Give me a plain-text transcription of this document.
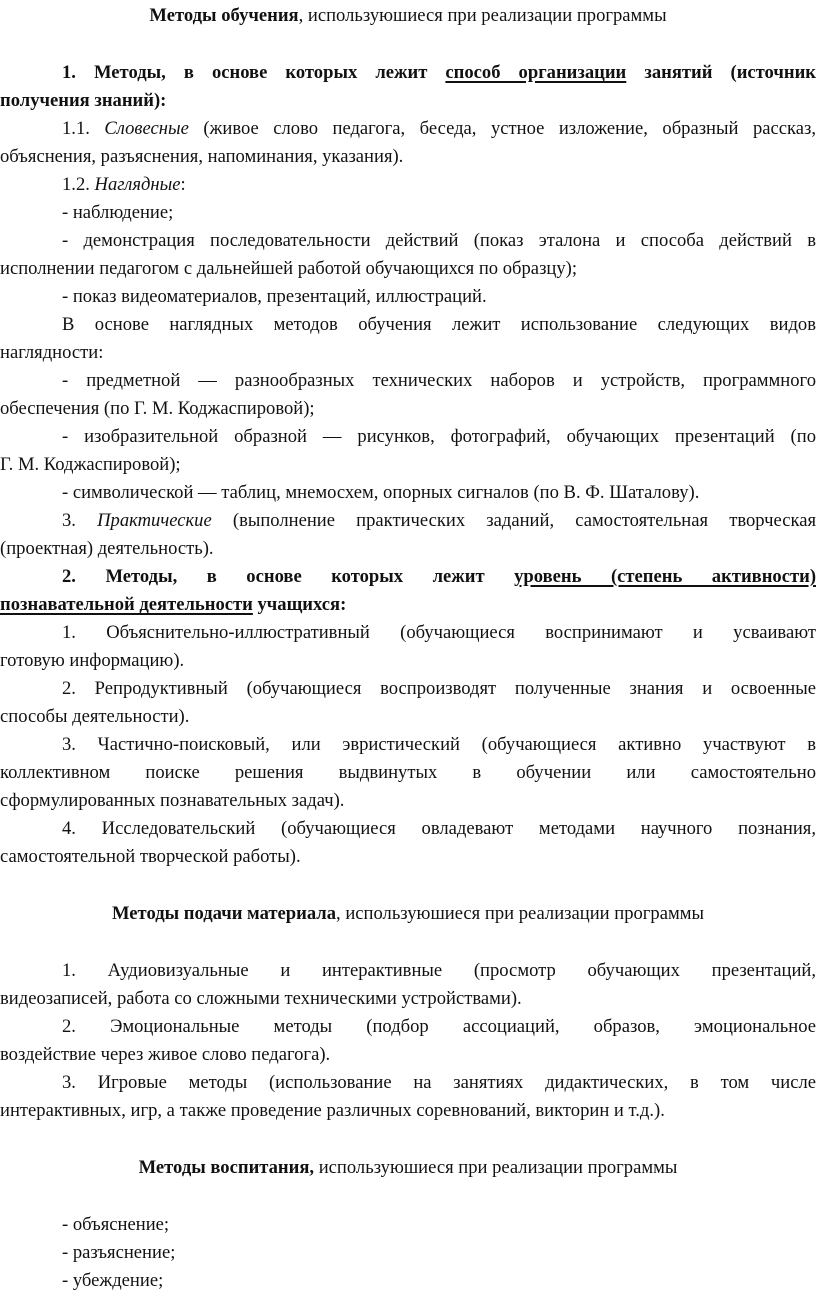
Методы обучения, используюшиеся при реализации программы
1. Методы, в основе которых лежит способ организации занятий (источник
получения знаний):
1.1. Словесные (живое слово педагога, беседа, устное изложение, образный рассказ,
объяснения, разъяснения, напоминания, указания).
1.2. Наглядные:
- наблюдение;
- демонстрация последовательности действий (показ эталона и способа действий в
исполнении педагогом с дальнейшей работой обучающихся по образцу);
- показ видеоматериалов, презентаций, иллюстраций.
В основе наглядных методов обучения лежит использование следующих видов
наглядности:
- предметной — разнообразных технических наборов и устройств, программного
обеспечения (по Г. М. Коджаспировой);
- изобразительной образной — рисунков, фотографий, обучающих презентаций (по
Г. М. Коджаспировой);
- символической — таблиц, мнемосхем, опорных сигналов (по В. Ф. Шаталову).
3. Практические (выполнение практических заданий, самостоятельная творческая
(проектная) деятельность).
2. Методы, в основе которых лежит уровень (степень активности)
познавательной деятельности учащихся:
1. Объяснительно-иллюстративный (обучающиеся воспринимают и усваивают
готовую информацию).
2. Репродуктивный (обучающиеся воспроизводят полученные знания и освоенные
способы деятельности).
3. Частично-поисковый, или эвристический (обучающиеся активно участвуют в
коллективном поиске решения выдвинутых в обучении или самостоятельно
сформулированных познавательных задач).
4. Исследовательский (обучающиеся овладевают методами научного познания,
самостоятельной творческой работы).
Методы подачи материала, используюшиеся при реализации программы
1. Аудиовизуальные и интерактивные (просмотр обучающих презентаций,
видеозаписей, работа со сложными техническими устройствами).
2. Эмоциональные методы (подбор ассоциаций, образов, эмоциональное
воздействие через живое слово педагога).
3. Игровые методы (использование на занятиях дидактических, в том числе
интерактивных, игр, а также проведение различных соревнований, викторин и т.д.).
Методы воспитания, используюшиеся при реализации программы
- объяснение;
- разъяснение;
- убеждение;
